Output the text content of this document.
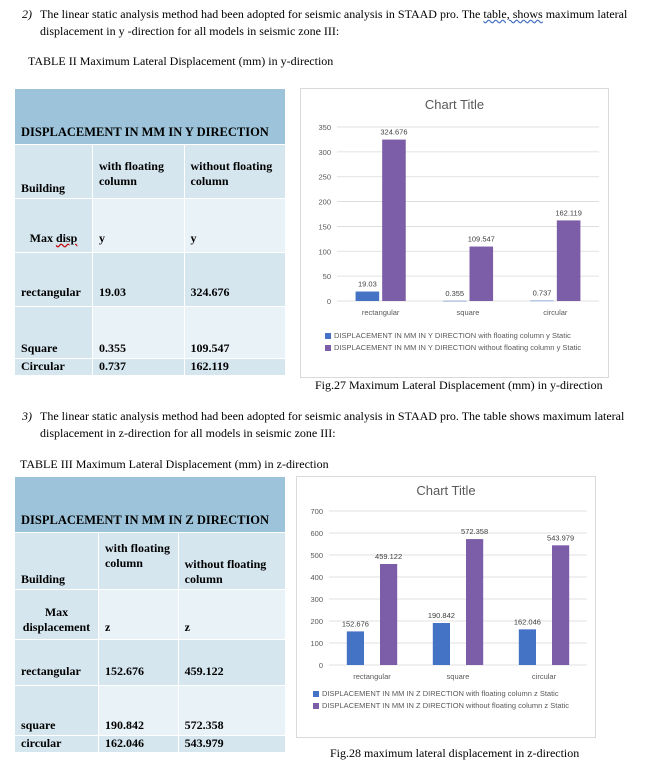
2) The linear static analysis method had been adopted for seismic analysis in STAAD pro. The table, shows maximum lateral
displacement in y -direction for all models in seismic zone III:
TABLE II Maximum Lateral Displacement (mm) in y-direction
DISPLACEMENT IN MM IN Y DIRECTION		
Building	with floating column	without floating column
Max disp	y	y
rectangular	19.03	324.676
Square	0.355	109.547
Circular	0.737	162.119
Chart Title
0
50
100
150
200
250
300
350
rectangular
19.03
324.676
square
0.355
109.547
circular
0.737
162.119
DISPLACEMENT IN MM IN Y DIRECTION with floating column y Static
DISPLACEMENT IN MM IN Y DIRECTION without floating column y Static
Fig.27 Maximum Lateral Displacement (mm) in y-direction
3) The linear static analysis method had been adopted for seismic analysis in STAAD pro. The table shows maximum lateral
displacement in z-direction for all models in seismic zone III:
TABLE III Maximum Lateral Displacement (mm) in z-direction
DISPLACEMENT IN MM IN Z DIRECTION		
Building	with floating column	without floating column
Max displacement	z	z
rectangular	152.676	459.122
square	190.842	572.358
circular	162.046	543.979
Chart Title
0
100
200
300
400
500
600
700
rectangular
152.676
459.122
square
190.842
572.358
circular
162.046
543.979
DISPLACEMENT IN MM IN Z DIRECTION with floating column z Static
DISPLACEMENT IN MM IN Z DIRECTION without floating column z Static
Fig.28 maximum lateral displacement in z-direction
